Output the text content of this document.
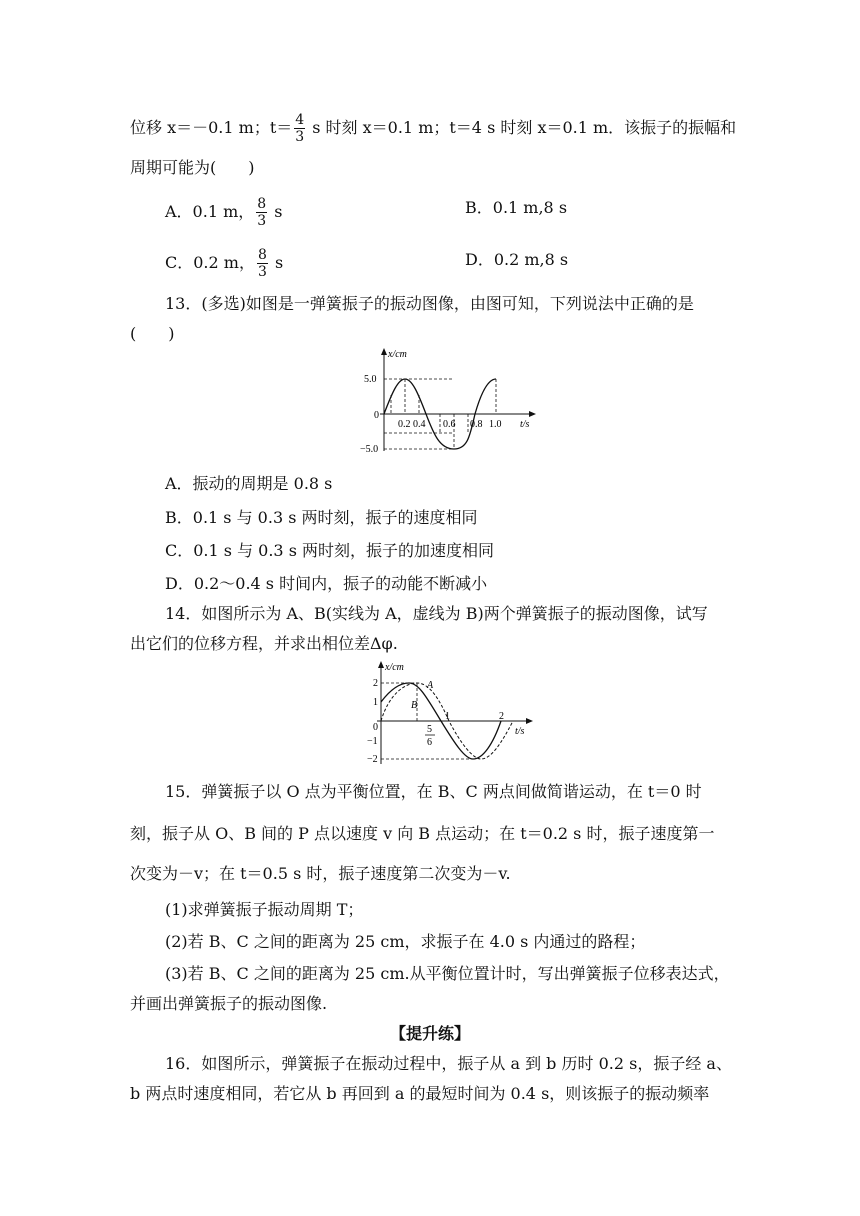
位移 x＝－0.1 m；$t= \frac{4}{3}$ s 时刻 x＝0.1 m；t＝4 s 时刻 x＝0.1 m．该振子的振幅和
周期可能为(　　)
A．0.1 m， $\frac{8}{3}$ s	B．0.1 m,8 s
C．0.2 m， $\frac{8}{3}$ s	D．0.2 m,8 s
13．(多选)如图是一弹簧振子的振动图像，由图可知，下列说法中正确的是
(　　)
x/cm
t/s
0
5.0
−5.0
0.2 0.4 0.6 0.8 1.0
A．振动的周期是 0.8 s
B．0.1 s 与 0.3 s 两时刻，振子的速度相同
C．0.1 s 与 0.3 s 两时刻，振子的加速度相同
D．0.2～0.4 s 时间内，振子的动能不断减小
14．如图所示为 A、B(实线为 A，虚线为 B)两个弹簧振子的振动图像，试写
出它们的位移方程，并求出相位差Δφ.
x/cm
t/s
A
B
2
1
0
−1
−2
1	2
5
6
15．弹簧振子以 O 点为平衡位置，在 B、C 两点间做简谐运动，在 t＝0 时
刻，振子从 O、B 间的 P 点以速度 v 向 B 点运动；在 t＝0.2 s 时，振子速度第一
次变为－v；在 t＝0.5 s 时，振子速度第二次变为－v.
(1)求弹簧振子振动周期 T；
(2)若 B、C 之间的距离为 25 cm，求振子在 4.0 s 内通过的路程；
(3)若 B、C 之间的距离为 25 cm.从平衡位置计时，写出弹簧振子位移表达式，
并画出弹簧振子的振动图像.
【提升练】
16．如图所示，弹簧振子在振动过程中，振子从 a 到 b 历时 0.2 s，振子经 a、
b 两点时速度相同，若它从 b 再回到 a 的最短时间为 0.4 s，则该振子的振动频率
